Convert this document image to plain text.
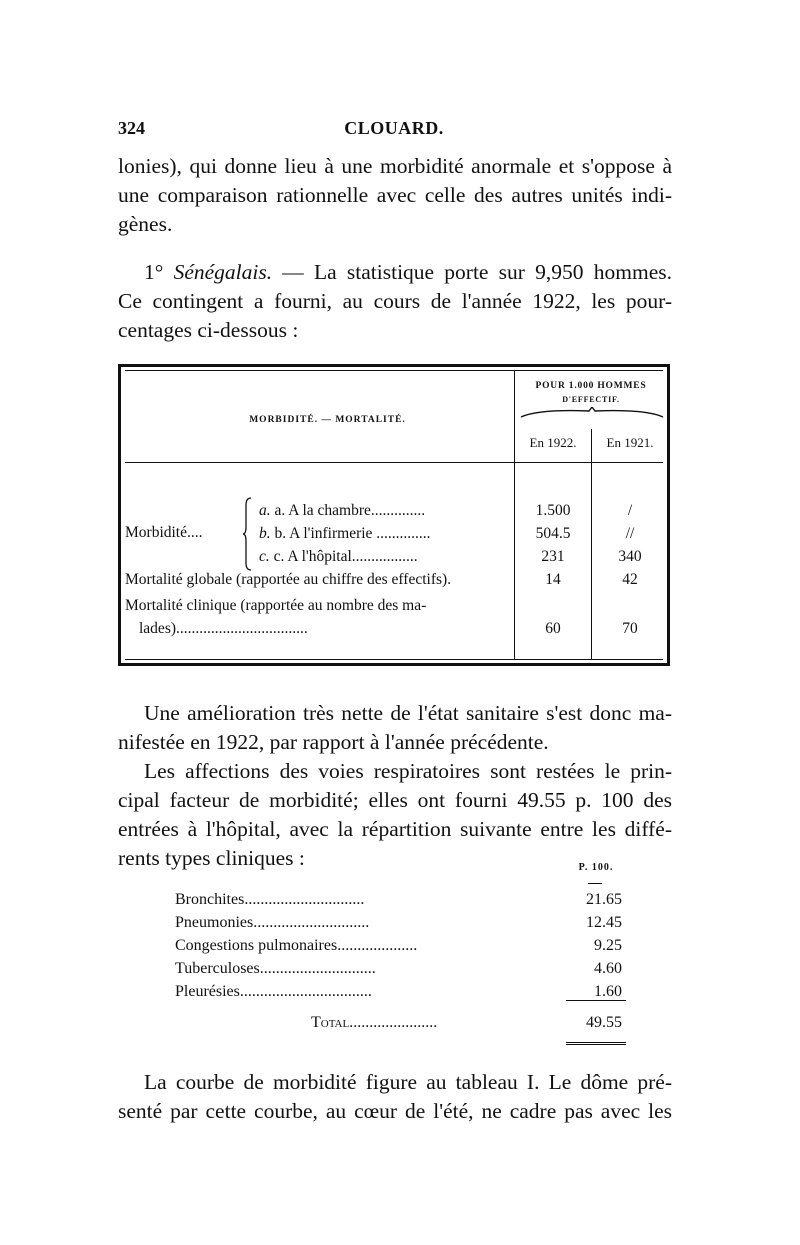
324	CLOUARD.
lonies), qui donne lieu à une morbidité anormale et s'oppose à
une comparaison rationnelle avec celle des autres unités indi-
gènes.
1° Sénégalais. — La statistique porte sur 9,950 hommes.
Ce contingent a fourni, au cours de l'année 1922, les pour-
centages ci-dessous :
MORBIDITÉ. — MORTALITÉ.
POUR 1.000 HOMMES
D'EFFECTIF.
En 1922.	En 1921.
Morbidité....
a. a. A la chambre..............	1.500	/
b. b. A l'infirmerie ..............	504.5	//
c. c. A l'hôpital.................	231	340
Mortalité globale (rapportée au chiffre des effectifs).	14	42
Mortalité clinique (rapportée au nombre des ma-
lades)..................................	60	70
Une amélioration très nette de l'état sanitaire s'est donc ma-
nifestée en 1922, par rapport à l'année précédente.
Les affections des voies respiratoires sont restées le prin-
cipal facteur de morbidité; elles ont fourni 49.55 p. 100 des
entrées à l'hôpital, avec la répartition suivante entre les diffé-
rents types cliniques :	P. 100.
Bronchites..............................	21.65
Pneumonies.............................	12.45
Congestions pulmonaires....................	9.25
Tuberculoses.............................	4.60
Pleurésies.................................	1.60
Total......................	49.55
La courbe de morbidité figure au tableau I. Le dôme pré-
senté par cette courbe, au cœur de l'été, ne cadre pas avec les
